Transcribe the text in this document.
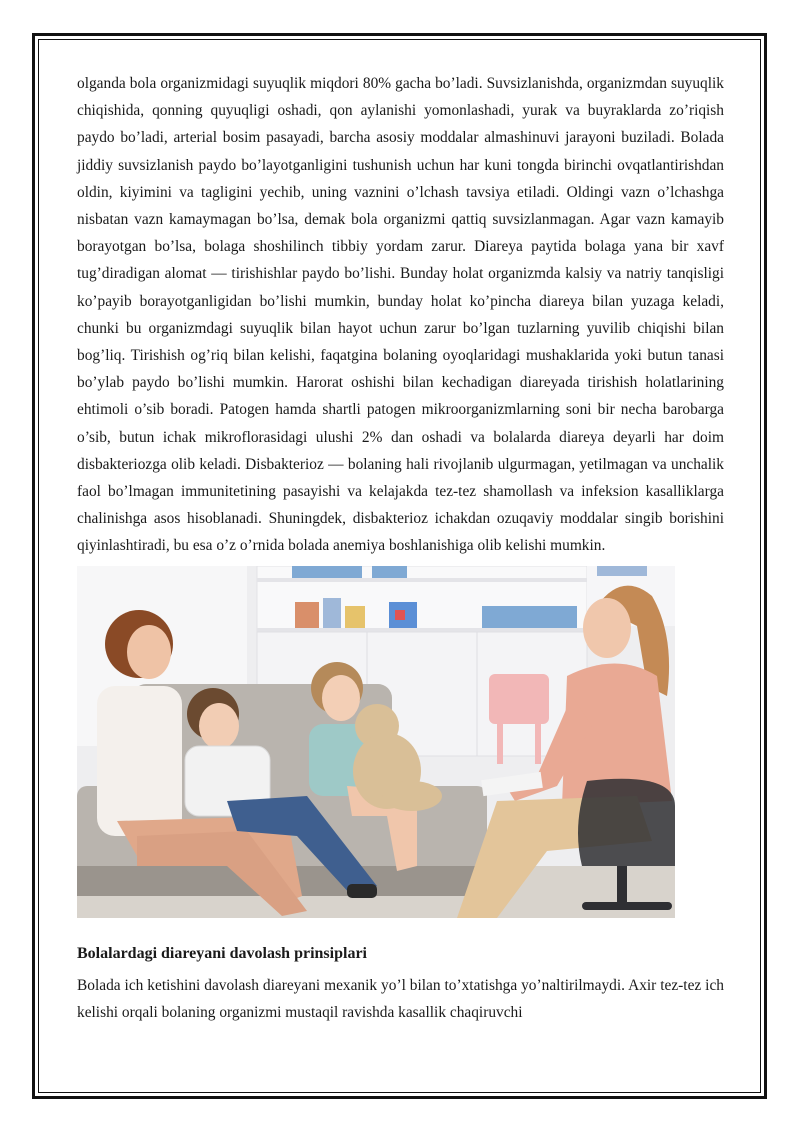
olganda bola organizmidagi suyuqlik miqdori 80% gacha bo’ladi. Suvsizlanishda, organizmdan suyuqlik chiqishida, qonning quyuqligi oshadi, qon aylanishi yomonlashadi, yurak va buyraklarda zo’riqish paydo bo’ladi, arterial bosim pasayadi, barcha asosiy moddalar almashinuvi jarayoni buziladi. Bolada jiddiy suvsizlanish paydo bo’layotganligini tushunish uchun har kuni tongda birinchi ovqatlantirishdan oldin, kiyimini va tagligini yechib, uning vaznini o’lchash tavsiya etiladi. Oldingi vazn o’lchashga nisbatan vazn kamaymagan bo’lsa, demak bola organizmi qattiq suvsizlanmagan. Agar vazn kamayib borayotgan bo’lsa, bolaga shoshilinch tibbiy yordam zarur. Diareya paytida bolaga yana bir xavf tug’diradigan alomat — tirishishlar paydo bo’lishi. Bunday holat organizmda kalsiy va natriy tanqisligi ko’payib borayotganligidan bo’lishi mumkin, bunday holat ko’pincha diareya bilan yuzaga keladi, chunki bu organizmdagi suyuqlik bilan hayot uchun zarur bo’lgan tuzlarning yuvilib chiqishi bilan bog’liq. Tirishish og’riq bilan kelishi, faqatgina bolaning oyoqlaridagi mushaklarida yoki butun tanasi bo’ylab paydo bo’lishi mumkin. Harorat oshishi bilan kechadigan diareyada tirishish holatlarining ehtimoli o’sib boradi. Patogen hamda shartli patogen mikroorganizmlarning soni bir necha barobarga o’sib, butun ichak mikroflorasidagi ulushi 2% dan oshadi va bolalarda diareya deyarli har doim disbakteriozga olib keladi. Disbakterioz — bolaning hali rivojlanib ulgurmagan, yetilmagan va unchalik faol bo’lmagan immunitetining pasayishi va kelajakda tez-tez shamollash va infeksion kasalliklarga chalinishga asos hisoblanadi. Shuningdek, disbakterioz ichakdan ozuqaviy moddalar singib borishini qiyinlashtiradi, bu esa o’z o’rnida bolada anemiya boshlanishiga olib kelishi mumkin.

Bolalardagi diareyani davolash prinsiplari

Bolada ich ketishini davolash diareyani mexanik yo’l bilan to’xtatishga yo’naltirilmaydi. Axir tez-tez ich kelishi orqali bolaning organizmi mustaqil ravishda kasallik chaqiruvchi
